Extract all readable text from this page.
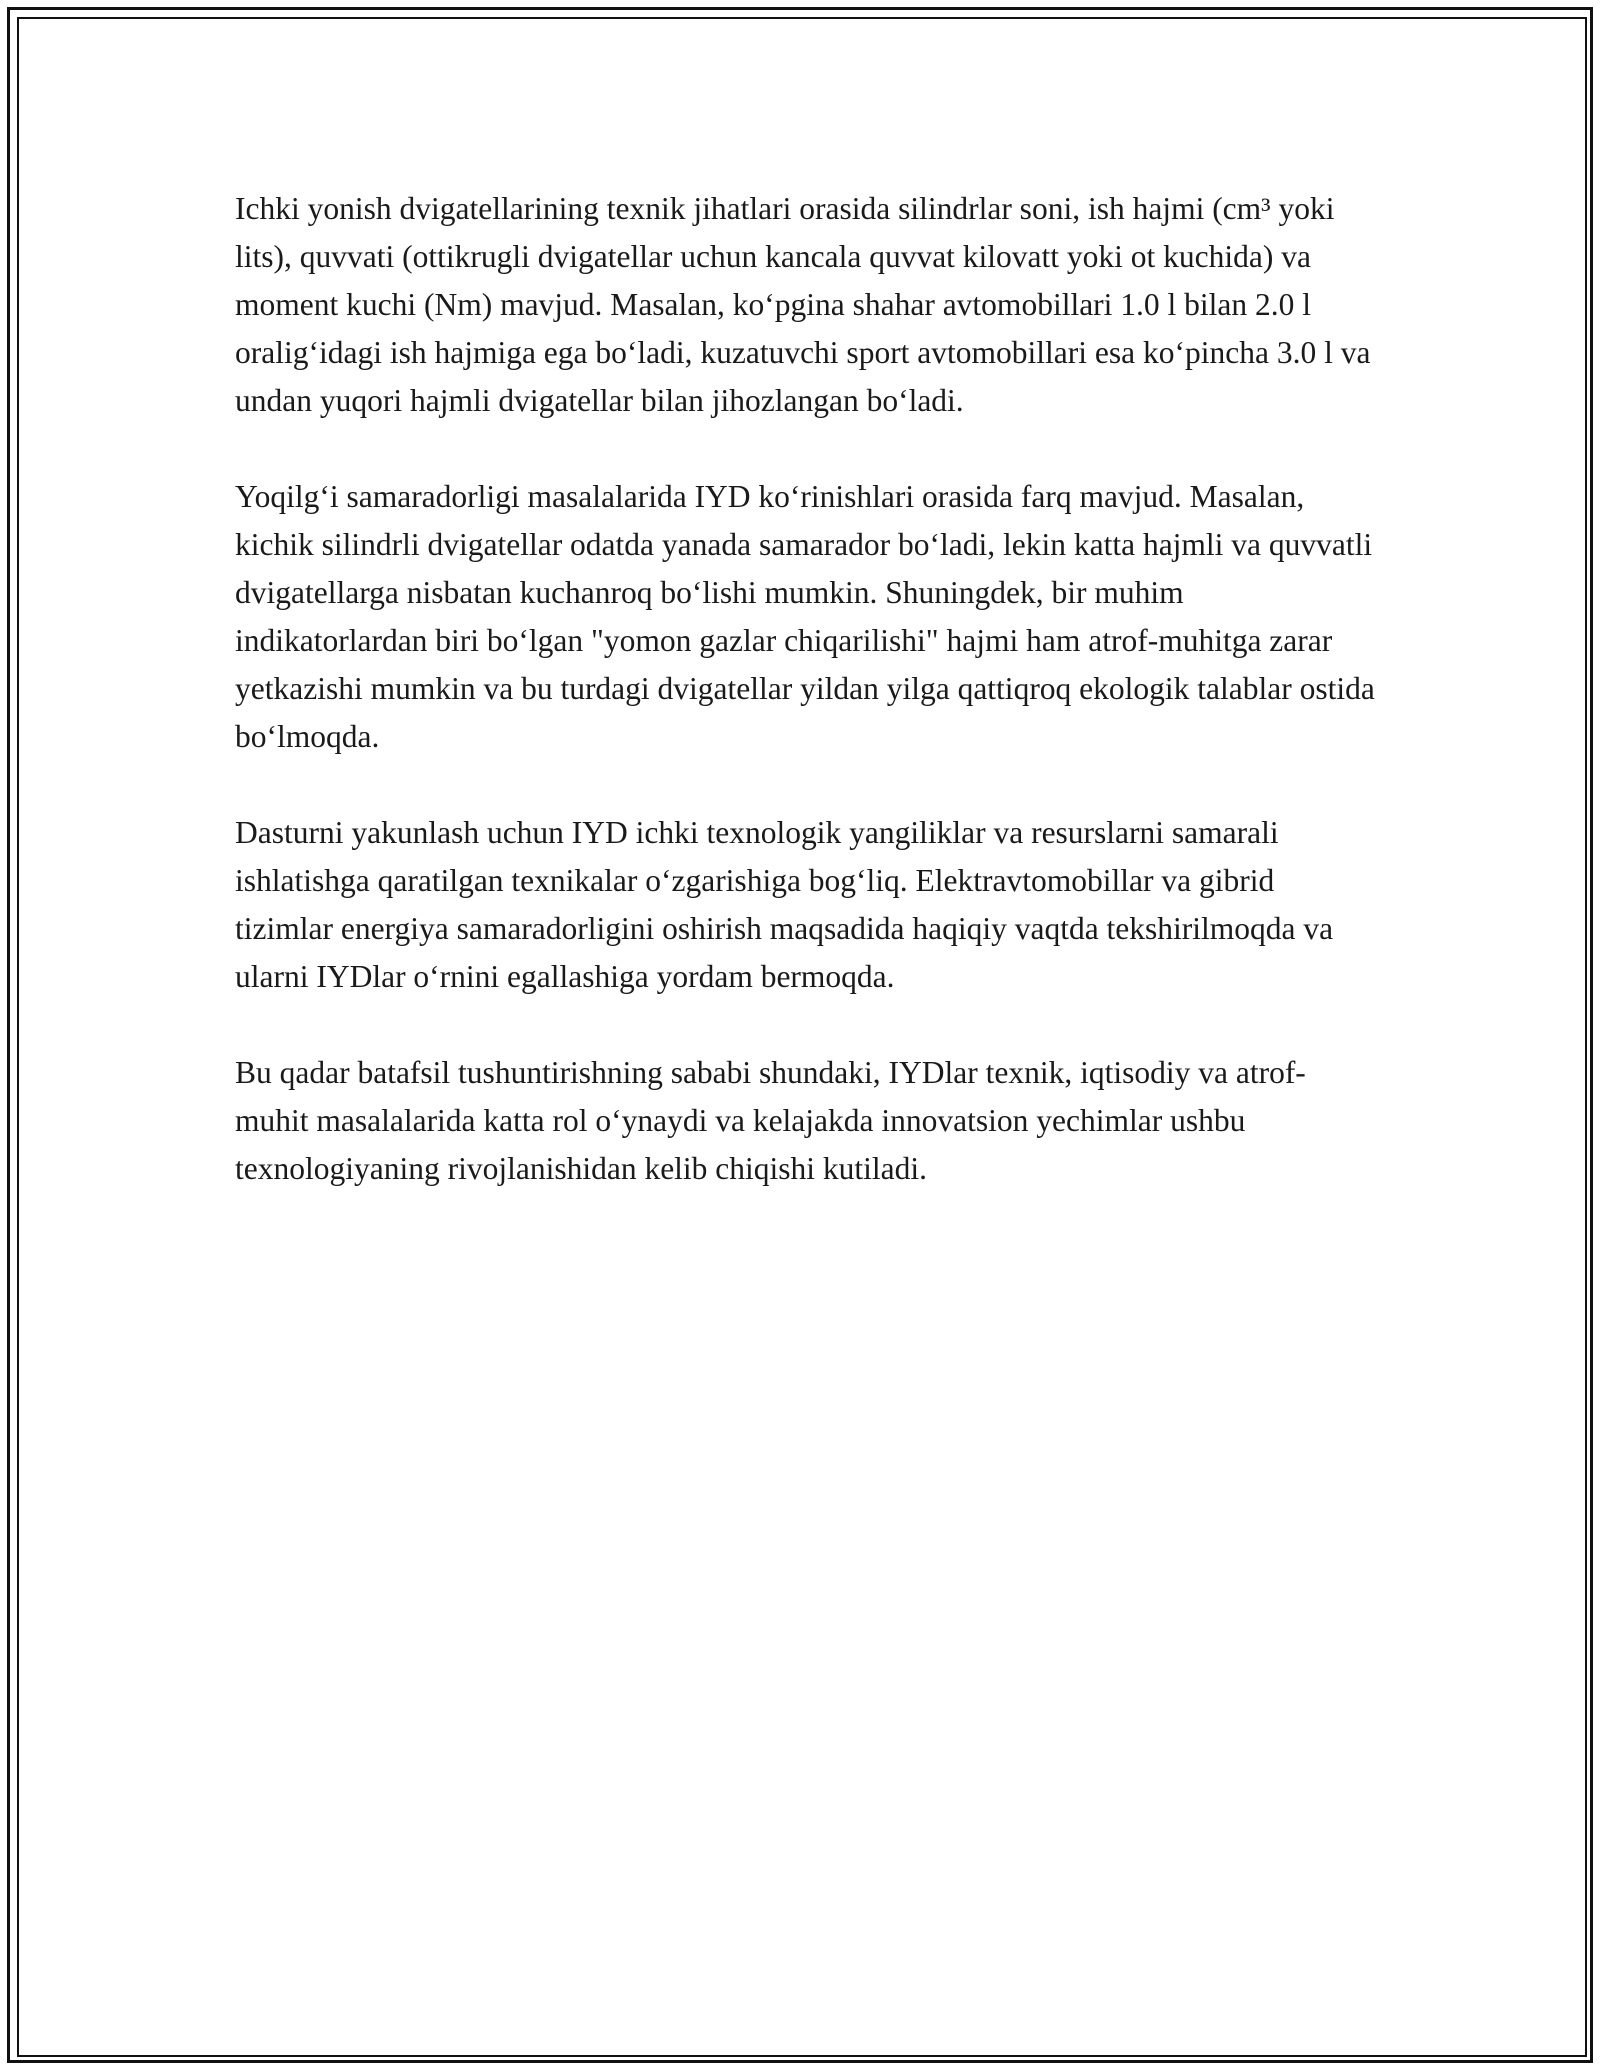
Ichki yonish dvigatellarining texnik jihatlari orasida silindrlar soni, ish hajmi (cm³ yoki lits), quvvati (ottikrugli dvigatellar uchun kancala quvvat kilovatt yoki ot kuchida) va moment kuchi (Nm) mavjud. Masalan, ko‘pgina shahar avtomobillari 1.0 l bilan 2.0 l oralig‘idagi ish hajmiga ega bo‘ladi, kuzatuvchi sport avtomobillari esa ko‘pincha 3.0 l va undan yuqori hajmli dvigatellar bilan jihozlangan bo‘ladi.

Yoqilg‘i samaradorligi masalalarida IYD ko‘rinishlari orasida farq mavjud. Masalan, kichik silindrli dvigatellar odatda yanada samarador bo‘ladi, lekin katta hajmli va quvvatli dvigatellarga nisbatan kuchanroq bo‘lishi mumkin. Shuningdek, bir muhim indikatorlardan biri bo‘lgan "yomon gazlar chiqarilishi" hajmi ham atrof-muhitga zarar yetkazishi mumkin va bu turdagi dvigatellar yildan yilga qattiqroq ekologik talablar ostida bo‘lmoqda.

Dasturni yakunlash uchun IYD ichki texnologik yangiliklar va resurslarni samarali ishlatishga qaratilgan texnikalar o‘zgarishiga bog‘liq. Elektravtomobillar va gibrid tizimlar energiya samaradorligini oshirish maqsadida haqiqiy vaqtda tekshirilmoqda va ularni IYDlar o‘rnini egallashiga yordam bermoqda.

Bu qadar batafsil tushuntirishning sababi shundaki, IYDlar texnik, iqtisodiy va atrof-muhit masalalarida katta rol o‘ynaydi va kelajakda innovatsion yechimlar ushbu texnologiyaning rivojlanishidan kelib chiqishi kutiladi.
